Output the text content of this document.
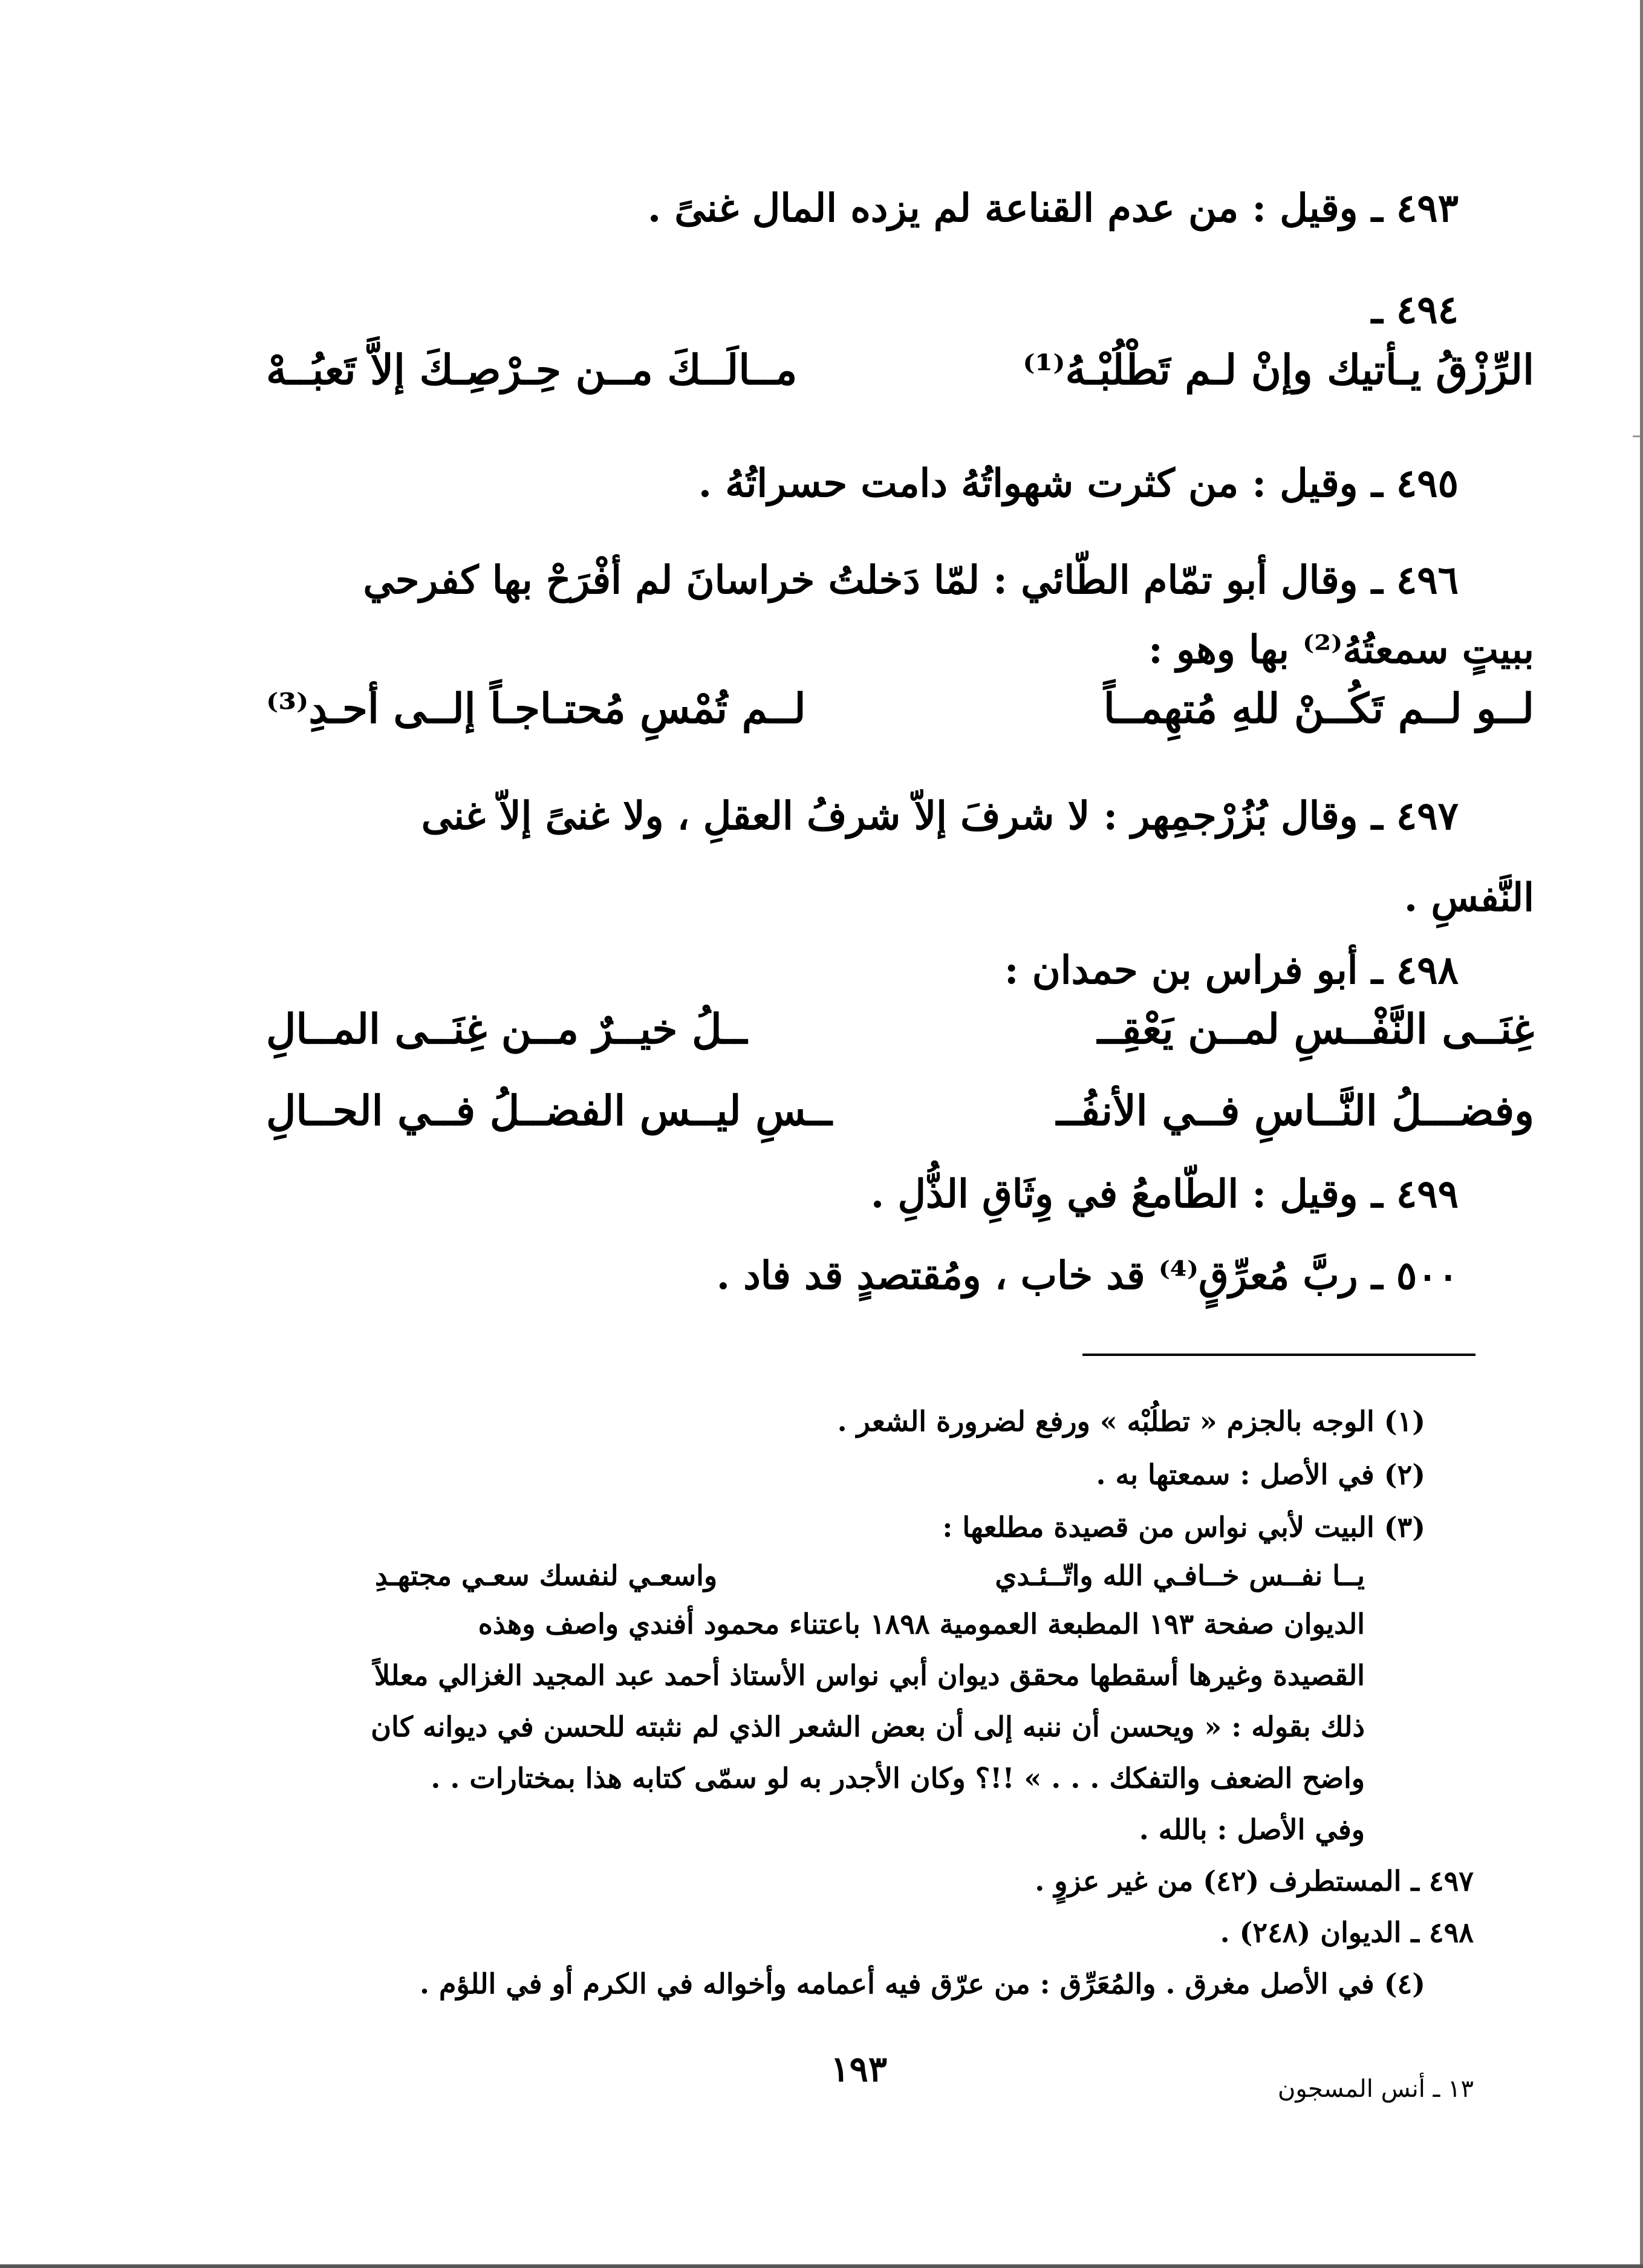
٤٩٣ ـ وقيل : من عدم القناعة لم يزده المال غنىً .
٤٩٤ ـ
الرِّزْقُ يـأتيك وإنْ لـم تَطْلُبْـهُ⁽¹⁾
مــالَــكَ مــن حِـرْصِـكَ إلاَّ تَعبُــهْ
٤٩٥ ـ وقيل : من كثرت شهواتُهُ دامت حسراتُهُ .
٤٩٦ ـ وقال أبو تمّام الطّائي : لمّا دَخلتُ خراسانَ لم أفْرَحْ بها كفرحي
ببيتٍ سمعتُهُ⁽²⁾ بها وهو :
لــو لــم تَكُــنْ للهِ مُتهِمــاً
لــم تُمْسِ مُحتـاجـاً إلــى أحـدِ⁽³⁾
٤٩٧ ـ وقال بُزُرْجمِهر : لا شرفَ إلاّ شرفُ العقلِ ، ولا غنىً إلاّ غنى
النَّفسِ .
٤٩٨ ـ أبو فراس بن حمدان :
غِنَــى النَّفْــسِ لمــن يَعْقِــ
ــلُ خيــرٌ مــن غِنَــى المــالِ
وفضـــلُ النَّــاسِ فــي الأنفُــ
ــسِ ليــس الفضــلُ فــي الحــالِ
٤٩٩ ـ وقيل : الطّامعُ في وِثَاقِ الذُّلِ .
٥٠٠ ـ ربَّ مُعرِّقٍ⁽⁴⁾ قد خاب ، ومُقتصدٍ قد فاد .
(١) الوجه بالجزم « تطلُبْه » ورفع لضرورة الشعر .
(٢) في الأصل : سمعتها به .
(٣) البيت لأبي نواس من قصيدة مطلعها :
يــا نفــس خــافـي الله واتّــئـدي
واسعـي لنفسك سعـي مجتهـدِ
الديوان صفحة ١٩٣ المطبعة العمومية ١٨٩٨ باعتناء محمود أفندي واصف وهذه
القصيدة وغيرها أسقطها محقق ديوان أبي نواس الأستاذ أحمد عبد المجيد الغزالي معللاً
ذلك بقوله : « ويحسن أن ننبه إلى أن بعض الشعر الذي لم نثبته للحسن في ديوانه كان
واضح الضعف والتفكك . . . » !!؟ وكان الأجدر به لو سمّى كتابه هذا بمختارات . .
وفي الأصل : بالله .
٤٩٧ ـ المستطرف (٤٢) من غير عزوٍ .
٤٩٨ ـ الديوان (٢٤٨) .
(٤) في الأصل مغرق . والمُعَرِّق : من عرّق فيه أعمامه وأخواله في الكرم أو في اللؤم .
١٩٣	١٣ ـ أنس المسجون
